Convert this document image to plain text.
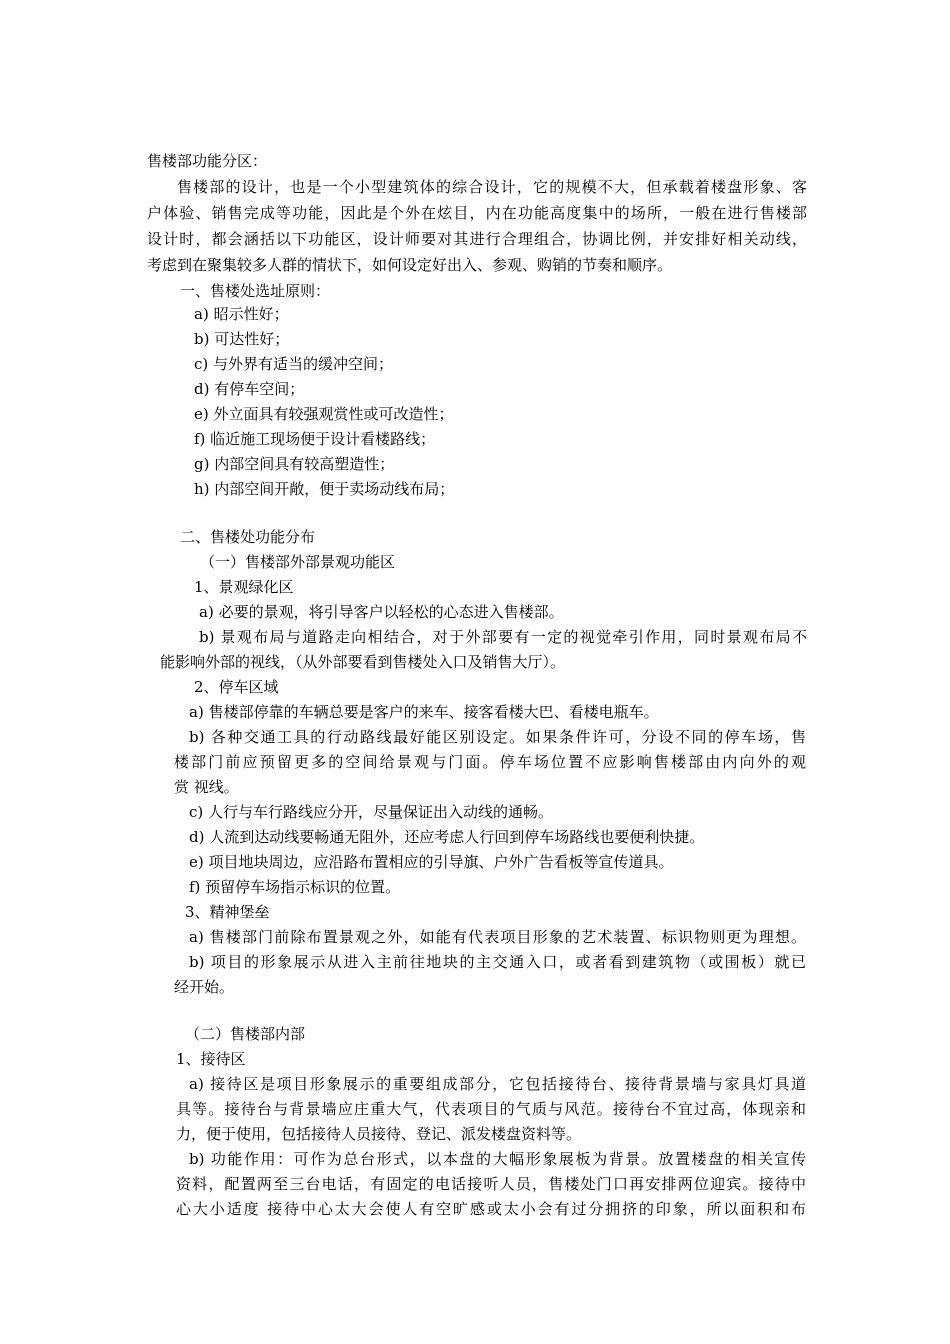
售楼部功能分区：
售楼部的设计，也是一个小型建筑体的综合设计，它的规模不大，但承载着楼盘形象、客
户体验、销售完成等功能，因此是个外在炫目，内在功能高度集中的场所，一般在进行售楼部
设计时，都会涵括以下功能区，设计师要对其进行合理组合，协调比例，并安排好相关动线，
考虑到在聚集较多人群的情状下，如何设定好出入、参观、购销的节奏和顺序。
一、售楼处选址原则：
a) 昭示性好；
b) 可达性好；
c) 与外界有适当的缓冲空间；
d) 有停车空间；
e) 外立面具有较强观赏性或可改造性；
f) 临近施工现场便于设计看楼路线；
g) 内部空间具有较高塑造性；
h) 内部空间开敞，便于卖场动线布局；
二、售楼处功能分布
（一）售楼部外部景观功能区
1、景观绿化区
a) 必要的景观，将引导客户以轻松的心态进入售楼部。
b) 景观布局与道路走向相结合，对于外部要有一定的视觉牵引作用，同时景观布局不
能影响外部的视线，（从外部要看到售楼处入口及销售大厅）。
2、停车区域
a) 售楼部停靠的车辆总要是客户的来车、接客看楼大巴、看楼电瓶车。
b) 各种交通工具的行动路线最好能区别设定。如果条件许可，分设不同的停车场，售
楼部门前应预留更多的空间给景观与门面。停车场位置不应影响售楼部由内向外的观
赏 视线。
c) 人行与车行路线应分开，尽量保证出入动线的通畅。
d) 人流到达动线要畅通无阻外，还应考虑人行回到停车场路线也要便利快捷。
e) 项目地块周边，应沿路布置相应的引导旗、户外广告看板等宣传道具。
f) 预留停车场指示标识的位置。
3、精神堡垒
a) 售楼部门前除布置景观之外，如能有代表项目形象的艺术装置、标识物则更为理想。
b) 项目的形象展示从进入主前往地块的主交通入口，或者看到建筑物（或围板）就已
经开始。
（二）售楼部内部
1、接待区
a) 接待区是项目形象展示的重要组成部分，它包括接待台、接待背景墙与家具灯具道
具等。接待台与背景墙应庄重大气，代表项目的气质与风范。接待台不宜过高，体现亲和
力，便于使用，包括接待人员接待、登记、派发楼盘资料等。
b) 功能作用：可作为总台形式，以本盘的大幅形象展板为背景。放置楼盘的相关宣传
资料，配置两至三台电话，有固定的电话接听人员，售楼处门口再安排两位迎宾。接待中
心大小适度 接待中心太大会使人有空旷感或太小会有过分拥挤的印象，所以面积和布
